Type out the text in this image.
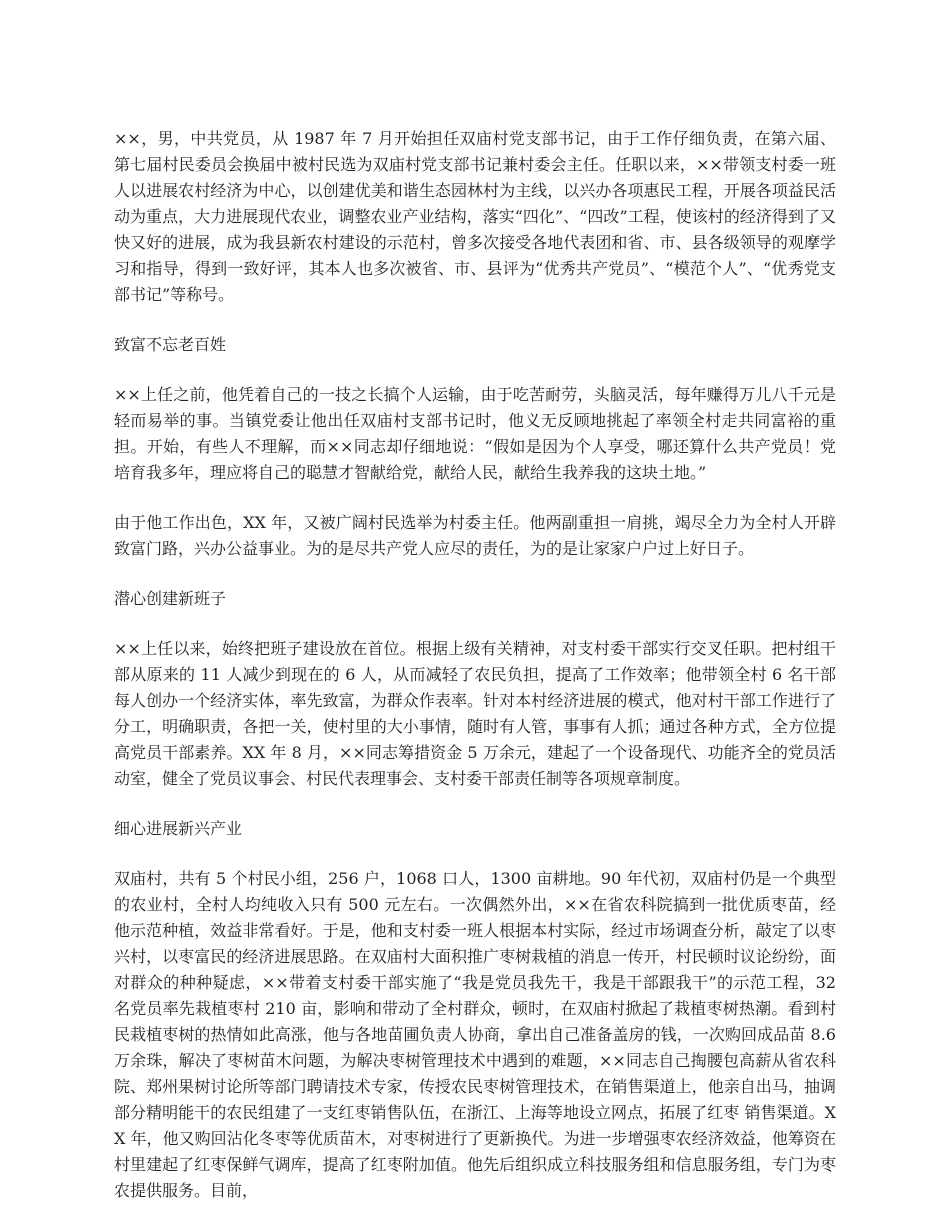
××，男，中共党员，从 1987 年 7 月开始担任双庙村党支部书记，由于工作仔细负责，在第六届、第七届村民委员会换届中被村民选为双庙村党支部书记兼村委会主任。任职以来，××带领支村委一班人以进展农村经济为中心，以创建优美和谐生态园林村为主线，以兴办各项惠民工程，开展各项益民活动为重点，大力进展现代农业，调整农业产业结构，落实“四化”、“四改”工程，使该村的经济得到了又快又好的进展，成为我县新农村建设的示范村，曾多次接受各地代表团和省、市、县各级领导的观摩学习和指导，得到一致好评，其本人也多次被省、市、县评为“优秀共产党员”、“模范个人”、“优秀党支部书记”等称号。

致富不忘老百姓

××上任之前，他凭着自己的一技之长搞个人运输，由于吃苦耐劳，头脑灵活，每年赚得万儿八千元是轻而易举的事。当镇党委让他出任双庙村支部书记时，他义无反顾地挑起了率领全村走共同富裕的重担。开始，有些人不理解，而××同志却仔细地说：“假如是因为个人享受，哪还算什么共产党员！党培育我多年，理应将自己的聪慧才智献给党，献给人民，献给生我养我的这块土地。”

由于他工作出色，XX 年，又被广阔村民选举为村委主任。他两副重担一肩挑，竭尽全力为全村人开辟致富门路，兴办公益事业。为的是尽共产党人应尽的责任，为的是让家家户户过上好日子。

潜心创建新班子

××上任以来，始终把班子建设放在首位。根据上级有关精神，对支村委干部实行交叉任职。把村组干部从原来的 11 人减少到现在的 6 人，从而减轻了农民负担，提高了工作效率；他带领全村 6 名干部每人创办一个经济实体，率先致富，为群众作表率。针对本村经济进展的模式，他对村干部工作进行了分工，明确职责，各把一关，使村里的大小事情，随时有人管，事事有人抓；通过各种方式，全方位提高党员干部素养。XX 年 8 月，××同志筹措资金 5 万余元，建起了一个设备现代、功能齐全的党员活动室，健全了党员议事会、村民代表理事会、支村委干部责任制等各项规章制度。

细心进展新兴产业

双庙村，共有 5 个村民小组，256 户，1068 口人，1300 亩耕地。90 年代初，双庙村仍是一个典型的农业村，全村人均纯收入只有 500 元左右。一次偶然外出，××在省农科院搞到一批优质枣苗，经他示范种植，效益非常看好。于是，他和支村委一班人根据本村实际，经过市场调查分析，敲定了以枣兴村，以枣富民的经济进展思路。在双庙村大面积推广枣树栽植的消息一传开，村民顿时议论纷纷，面对群众的种种疑虑，××带着支村委干部实施了“我是党员我先干，我是干部跟我干”的示范工程，32 名党员率先栽植枣村 210 亩，影响和带动了全村群众，顿时，在双庙村掀起了栽植枣树热潮。看到村民栽植枣树的热情如此高涨，他与各地苗圃负责人协商，拿出自己准备盖房的钱，一次购回成品苗 8.6 万余珠，解决了枣树苗木问题，为解决枣树管理技术中遇到的难题，××同志自己掏腰包高薪从省农科院、郑州果树讨论所等部门聘请技术专家，传授农民枣树管理技术，在销售渠道上，他亲自出马，抽调部分精明能干的农民组建了一支红枣销售队伍，在浙江、上海等地设立网点，拓展了红枣 销售渠道。XX 年，他又购回沾化冬枣等优质苗木，对枣树进行了更新换代。为进一步增强枣农经济效益，他筹资在村里建起了红枣保鲜气调库，提高了红枣附加值。他先后组织成立科技服务组和信息服务组，专门为枣农提供服务。目前，
